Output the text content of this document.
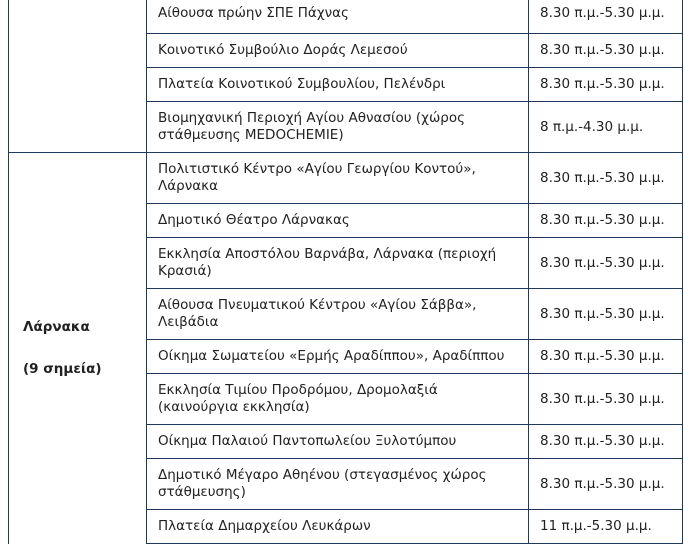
	Αίθουσα πρώην ΣΠΕ Πάχνας	8.30 π.μ.-5.30 μ.μ.
	Κοινοτικό Συμβούλιο Δοράς Λεμεσού	8.30 π.μ.-5.30 μ.μ.
	Πλατεία Κοινοτικού Συμβουλίου, Πελένδρι	8.30 π.μ.-5.30 μ.μ.
	Βιομηχανική Περιοχή Αγίου Αθνασίου (χώρος στάθμευσης MEDOCHEMIE)	8 π.μ.-4.30 μ.μ.

Λάρνακα
(9 σημεία)	Πολιτιστικό Κέντρο «Αγίου Γεωργίου Κοντού», Λάρνακα	8.30 π.μ.-5.30 μ.μ.
	Δημοτικό Θέατρο Λάρνακας	8.30 π.μ.-5.30 μ.μ.
	Εκκλησία Αποστόλου Βαρνάβα, Λάρνακα (περιοχή Κρασιά)	8.30 π.μ.-5.30 μ.μ.
	Αίθουσα Πνευματικού Κέντρου «Αγίου Σάββα», Λειβάδια	8.30 π.μ.-5.30 μ.μ.
	Οίκημα Σωματείου «Ερμής Αραδίππου», Αραδίππου	8.30 π.μ.-5.30 μ.μ.
	Εκκλησία Τιμίου Προδρόμου, Δρομολαξιά (καινούργια εκκλησία)	8.30 π.μ.-5.30 μ.μ.
	Οίκημα Παλαιού Παντοπωλείου Ξυλοτύμπου	8.30 π.μ.-5.30 μ.μ.
	Δημοτικό Μέγαρο Αθηένου (στεγασμένος χώρος στάθμευσης)	8.30 π.μ.-5.30 μ.μ.
	Πλατεία Δημαρχείου Λευκάρων	11 π.μ.-5.30 μ.μ.
